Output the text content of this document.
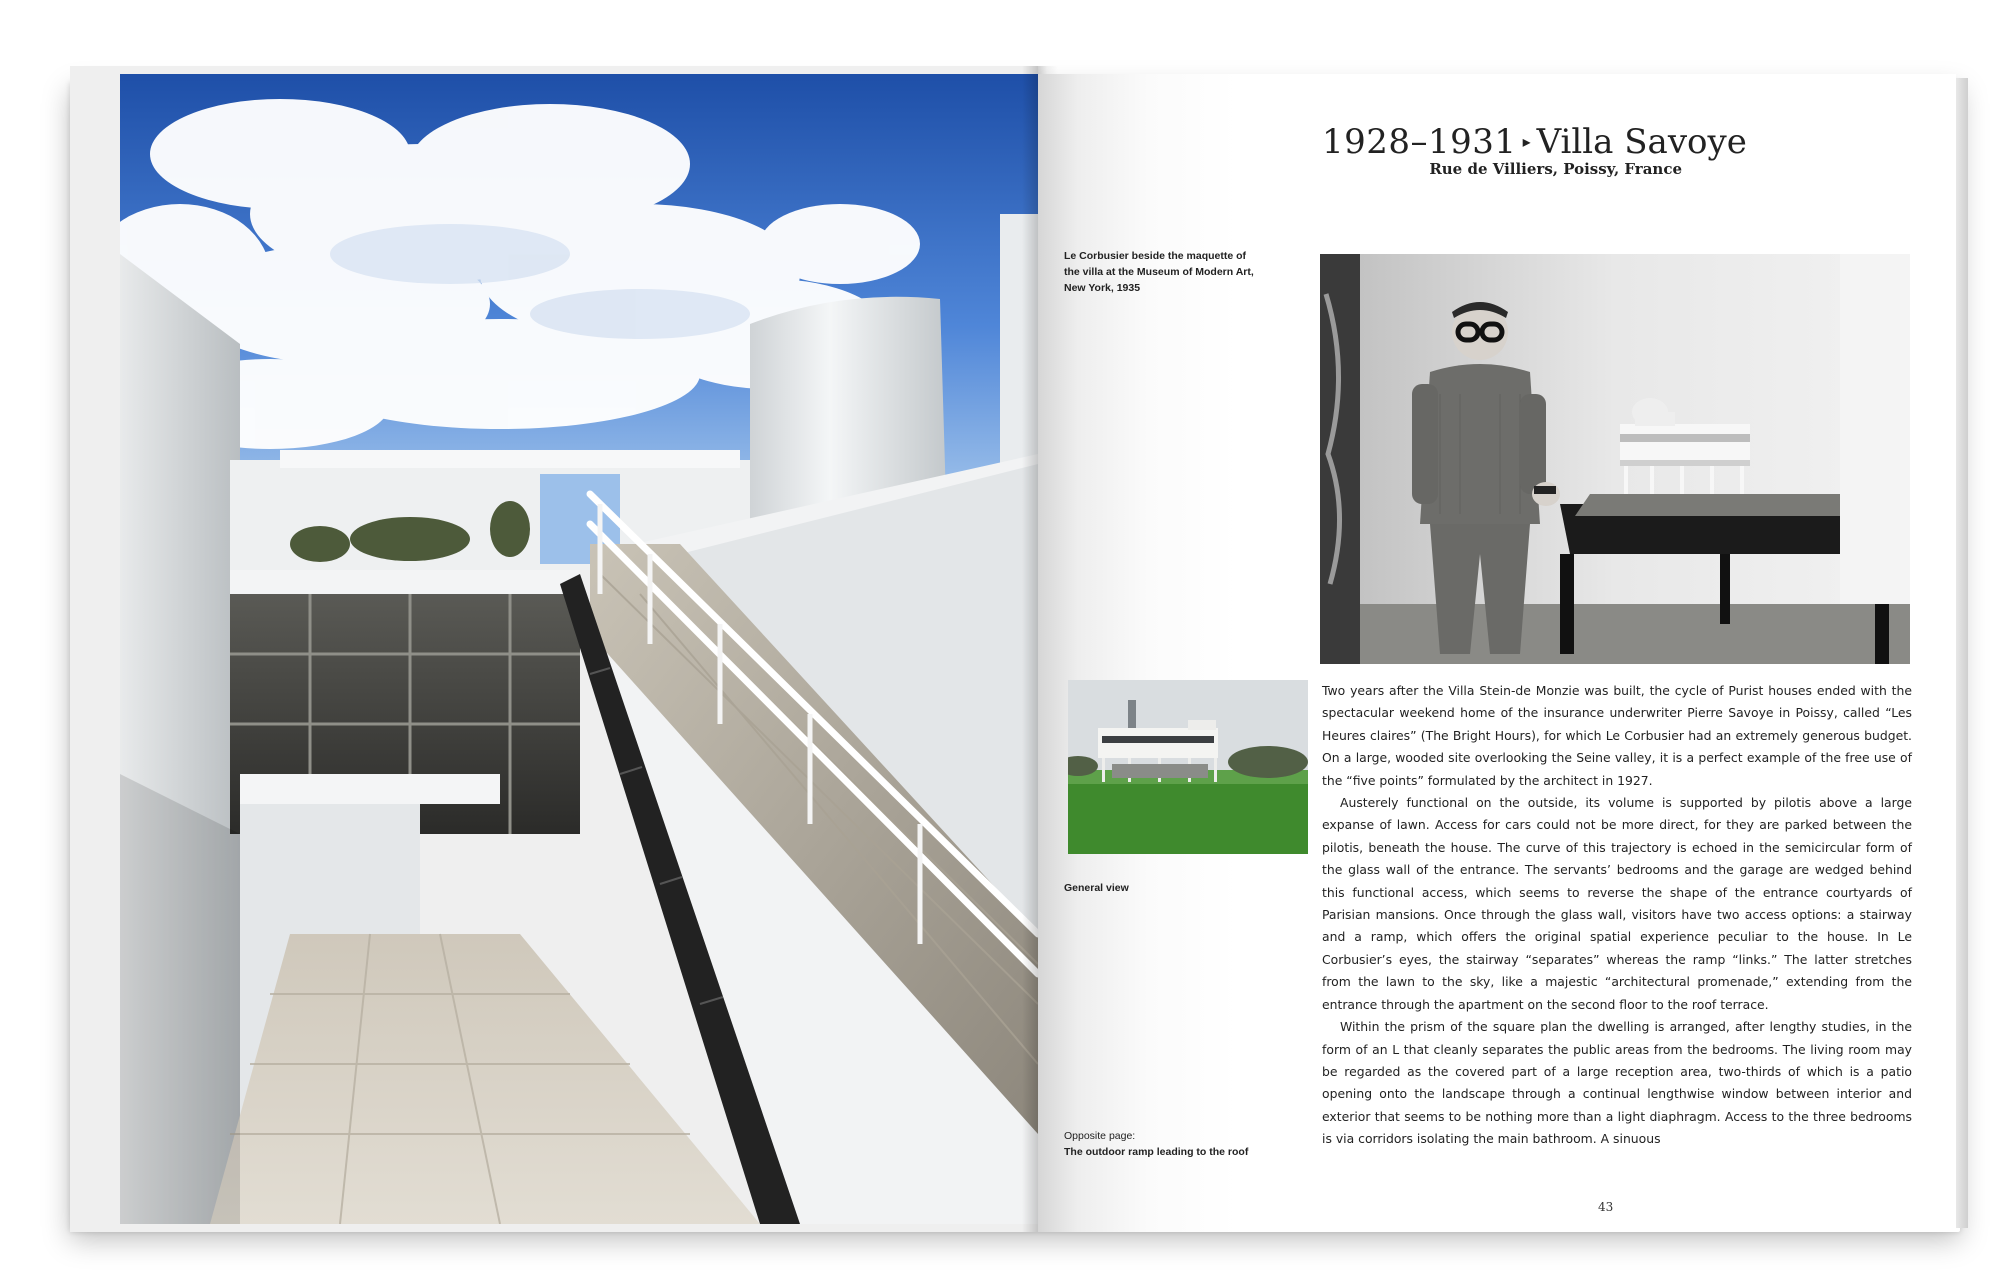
1928–1931 ▸ Villa Savoye
Rue de Villiers, Poissy, France
Le Corbusier beside the maquette of the villa at the Museum of Modern Art, New York, 1935
General view
Opposite page:
The outdoor ramp leading to the roof

Two years after the Villa Stein-de Monzie was built, the cycle of Purist houses ended with the spectacular weekend home of the insurance underwriter Pierre Savoye in Poissy, called “Les Heures claires” (The Bright Hours), for which Le Corbusier had an extremely generous budget. On a large, wooded site overlooking the Seine valley, it is a perfect example of the free use of the “five points” formulated by the architect in 1927.

Austerely functional on the outside, its volume is supported by pilotis above a large expanse of lawn. Access for cars could not be more direct, for they are parked between the pilotis, beneath the house. The curve of this trajectory is echoed in the semicircular form of the glass wall of the entrance. The servants’ bedrooms and the garage are wedged behind this functional access, which seems to reverse the shape of the entrance courtyards of Parisian mansions. Once through the glass wall, visitors have two access options: a stairway and a ramp, which offers the original spatial experience peculiar to the house. In Le Corbusier’s eyes, the stairway “separates” whereas the ramp “links.” The latter stretches from the lawn to the sky, like a majestic “architectural promenade,” extending from the entrance through the apartment on the second floor to the roof terrace.

Within the prism of the square plan the dwelling is arranged, after lengthy studies, in the form of an L that cleanly separates the public areas from the bedrooms. The living room may be regarded as the covered part of a large reception area, two-thirds of which is a patio opening onto the landscape through a continual lengthwise window between interior and exterior that seems to be nothing more than a light diaphragm. Access to the three bedrooms is via corridors isolating the main bathroom. A sinuous

43
